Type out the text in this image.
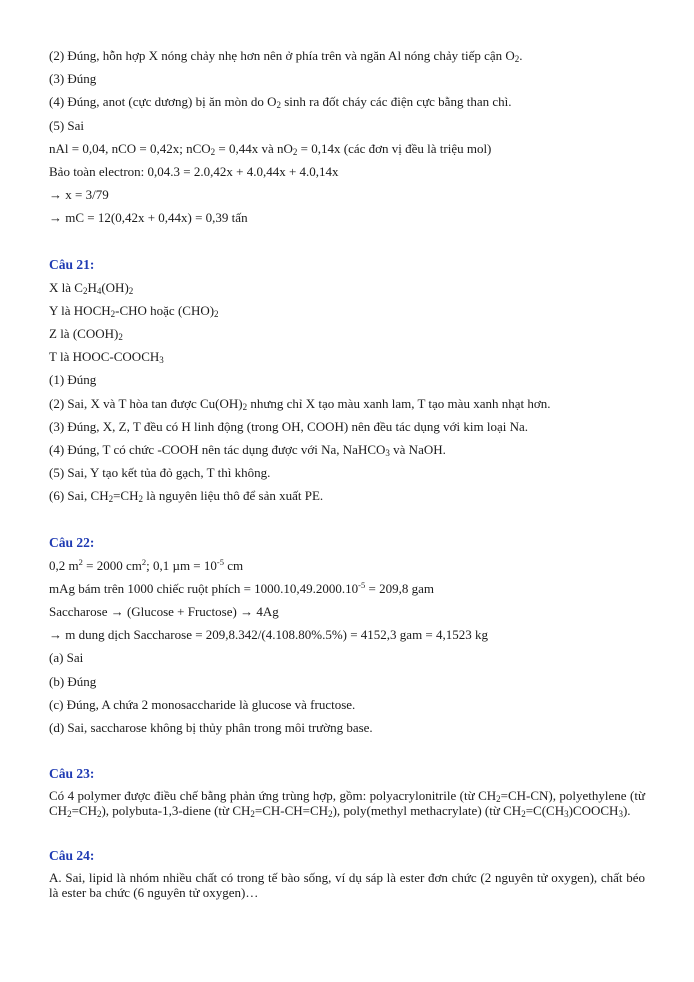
(2) Đúng, hỗn hợp X nóng chảy nhẹ hơn nên ở phía trên và ngăn Al nóng chảy tiếp cận $O_2$.
(3) Đúng
(4) Đúng, anot (cực dương) bị ăn mòn do $O_2$ sinh ra đốt cháy các điện cực bằng than chì.
(5) Sai
nAl = 0,04, nCO = 0,42x; nCO$_2$ = 0,44x và $nO_2 = 0,14x$ (các đơn vị đều là triệu mol)
Bảo toàn electron: 0,04.3 = 2.0,42x + 4.0,44x + 4.0,14x
→ x = 3/79
→ mC = 12(0,42x + 0,44x) = 0,39 tấn
Câu 21:
X là $C_2H_4(OH)_2$
Y là $HOCH_2$-CHO hoặc $(CHO)_2$
Z là $(COOH)_2$
T là HOOC-$COOCH_3$
(1) Đúng
(2) Sai, X và T hòa tan được $Cu(OH)_2$ nhưng chỉ X tạo màu xanh lam, T tạo màu xanh nhạt hơn.
(3) Đúng, X, Z, T đều có H linh động (trong OH, COOH) nên đều tác dụng với kim loại Na.
(4) Đúng, T có chức -COOH nên tác dụng được với Na, NaHCO$_3$ và NaOH.
(5) Sai, Y tạo kết tủa đỏ gạch, T thì không.
(6) Sai, $CH_2=CH_2$ là nguyên liệu thô để sản xuất PE.
Câu 22:
0,2 $m^2 = 2000$ $cm^2$; 0,1 $\mu m = 10^{-5}$ cm
mAg bám trên 1000 chiếc ruột phích = $1000.10,49.2000.10^{-5} = 209,8$ gam
Saccharose → (Glucose + Fructose) → 4Ag
→ m dung dịch Saccharose = 209,8.342/(4.108.80%.5%) = 4152,3 gam = 4,1523 kg
(a) Sai
(b) Đúng
(c) Đúng, A chứa 2 monosaccharide là glucose và fructose.
(d) Sai, saccharose không bị thủy phân trong môi trường base.
Câu 23:
Có 4 polymer được điều chế bằng phản ứng trùng hợp, gồm: polyacrylonitrile (từ $CH_2=CH-CN$), polyethylene (từ $CH_2=CH_2$), polybuta-1,3-diene (từ $CH_2=CH-CH=CH_2$), poly(methyl methacrylate) (từ $CH_2=C(CH_3)COOCH_3$).
Câu 24:
A. Sai, lipid là nhóm nhiều chất có trong tế bào sống, ví dụ sáp là ester đơn chức (2 nguyên tử oxygen), chất béo là ester ba chức (6 nguyên tử oxygen)…
